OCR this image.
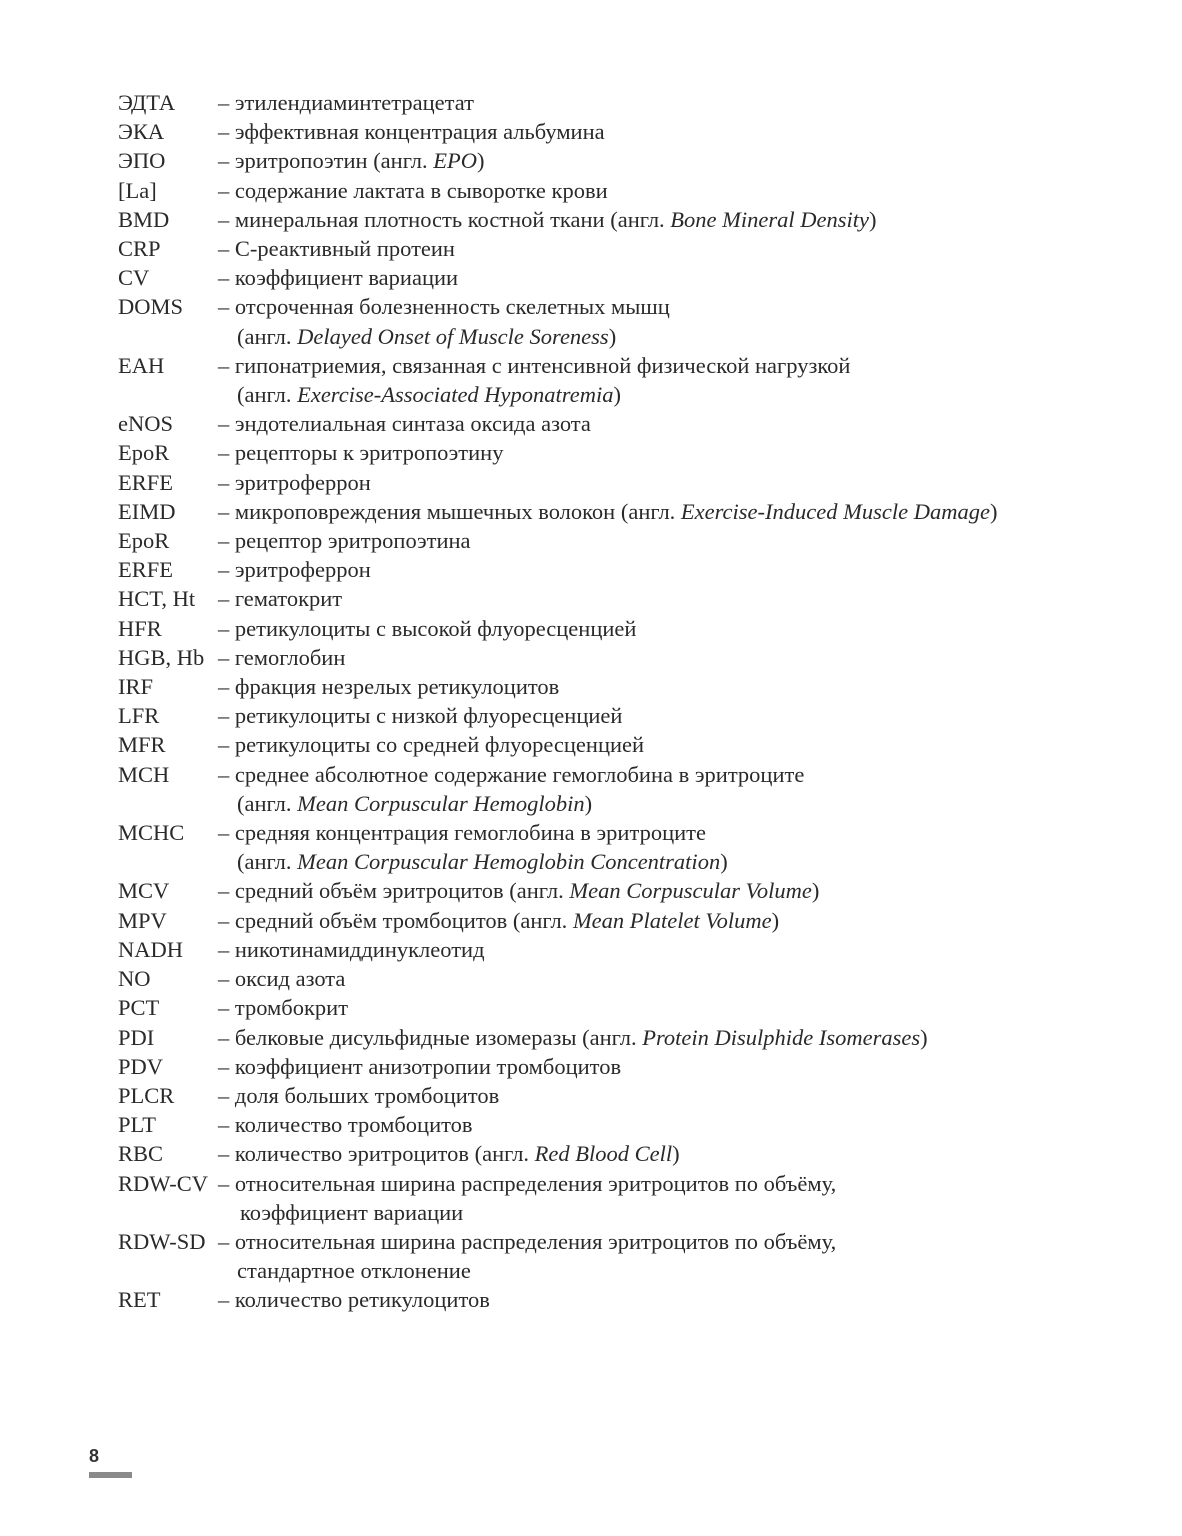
ЭДТА – этилендиаминтетрацетат
ЭКА – эффективная концентрация альбумина
ЭПО – эритропоэтин (англ. EPO)
[La]	– содержание лактата в сыворотке крови
BMD – минеральная плотность костной ткани (англ. Bone Mineral Density)
CRP	– С-реактивный протеин
CV	– коэффициент вариации
DOMS – отсроченная болезненность скелетных мышц
(англ. Delayed Onset of Muscle Soreness)
EAH – гипонатриемия, связанная с интенсивной физической нагрузкой
(англ. Exercise-Associated Hyponatremia)
eNOS – эндотелиальная синтаза оксида азота
EpoR – рецепторы к эритропоэтину
ERFE – эритроферрон
EIMD – микроповреждения мышечных волокон (англ. Exercise-Induced Muscle Damage)
EpoR – рецептор эритропоэтина
ERFE – эритроферрон
HCT, Ht – гематокрит
HFR – ретикулоциты с высокой флуоресценцией
HGB, Hb – гемоглобин
IRF	– фракция незрелых ретикулоцитов
LFR	– ретикулоциты с низкой флуоресценцией
MFR – ретикулоциты со средней флуоресценцией
MCH – среднее абсолютное содержание гемоглобина в эритроците
(англ. Mean Corpuscular Hemoglobin)
MCHC – средняя концентрация гемоглобина в эритроците
(англ. Mean Corpuscular Hemoglobin Concentration)
MCV – средний объём эритроцитов (англ. Mean Corpuscular Volume)
MPV – средний объём тромбоцитов (англ. Mean Platelet Volume)
NADH – никотинамиддинуклеотид
NO	– оксид азота
PCT	– тромбокрит
PDI	– белковые дисульфидные изомеразы (англ. Protein Disulphide Isomerases)
PDV – коэффициент анизотропии тромбоцитов
PLCR – доля больших тромбоцитов
PLT	– количество тромбоцитов
RBC – количество эритроцитов (англ. Red Blood Cell)
RDW-CV – относительная ширина распределения эритроцитов по объёму,
коэффициент вариации
RDW-SD – относительная ширина распределения эритроцитов по объёму,
стандартное отклонение
RET	– количество ретикулоцитов
8
